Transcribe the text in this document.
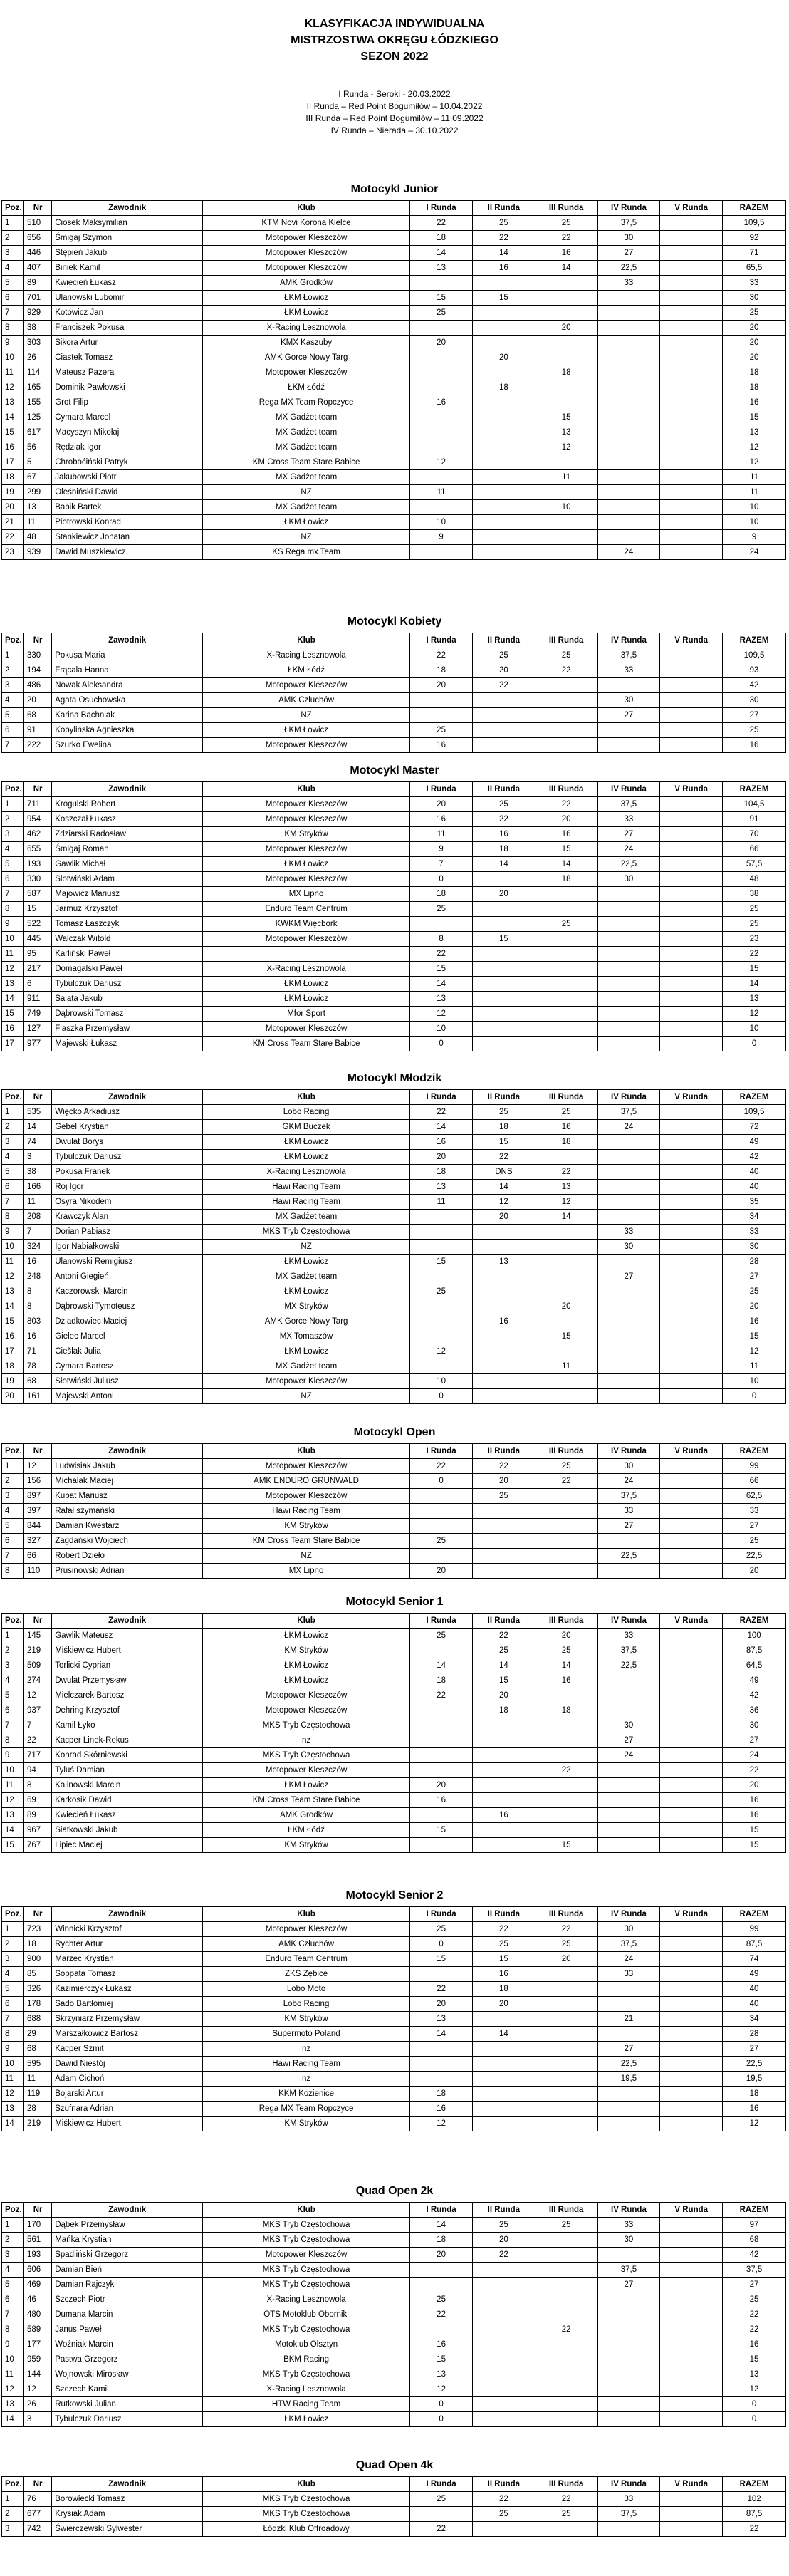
KLASYFIKACJA INDYWIDUALNA
MISTRZOSTWA OKRĘGU ŁÓDZKIEGO
SEZON 2022
I Runda - Seroki - 20.03.2022
II Runda – Red Point Bogumiłów – 10.04.2022
III Runda – Red Point Bogumiłów – 11.09.2022
IV Runda – Nierada – 30.10.2022
Motocykl Junior
Poz.	Nr	Zawodnik	Klub	I Runda	II Runda	III Runda	IV Runda	V Runda	RAZEM
1	510	Ciosek Maksymilian	KTM Novi Korona Kielce	22	25	25	37,5		109,5
2	656	Śmigaj Szymon	Motopower Kleszczów	18	22	22	30		92
3	446	Stępień Jakub	Motopower Kleszczów	14	14	16	27		71
4	407	Biniek Kamil	Motopower Kleszczów	13	16	14	22,5		65,5
5	89	Kwiecień Łukasz	AMK Grodków				33		33
6	701	Ulanowski Lubomir	ŁKM Łowicz	15	15				30
7	929	Kotowicz Jan	ŁKM Łowicz	25					25
8	38	Franciszek Pokusa	X-Racing Lesznowola			20			20
9	303	Sikora Artur	KMX Kaszuby	20					20
10	26	Ciastek Tomasz	AMK Gorce Nowy Targ		20				20
11	114	Mateusz Pazera	Motopower Kleszczów			18			18
12	165	Dominik Pawłowski	ŁKM Łódź		18				18
13	155	Grot Filip	Rega MX Team Ropczyce	16					16
14	125	Cymara Marcel	MX Gadżet team			15			15
15	617	Macyszyn Mikołaj	MX Gadżet team			13			13
16	56	Rędziak Igor	MX Gadżet team			12			12
17	5	Chroboćiński Patryk	KM Cross Team Stare Babice	12					12
18	67	Jakubowski Piotr	MX Gadżet team			11			11
19	299	Oleśniński Dawid	NZ	11					11
20	13	Babik Bartek	MX Gadżet team			10			10
21	11	Piotrowski Konrad	ŁKM Łowicz	10					10
22	48	Stankiewicz Jonatan	NZ	9					9
23	939	Dawid Muszkiewicz	KS Rega mx Team				24		24
Motocykl Kobiety
Poz.	Nr	Zawodnik	Klub	I Runda	II Runda	III Runda	IV Runda	V Runda	RAZEM
1	330	Pokusa Maria	X-Racing Lesznowola	22	25	25	37,5		109,5
2	194	Frącala Hanna	ŁKM Łódź	18	20	22	33		93
3	486	Nowak Aleksandra	Motopower Kleszczów	20	22				42
4	20	Agata Osuchowska	AMK Człuchów				30		30
5	68	Karina Bachniak	NZ				27		27
6	91	Kobylińska Agnieszka	ŁKM Łowicz	25					25
7	222	Szurko Ewelina	Motopower Kleszczów	16					16
Motocykl Master
Poz.	Nr	Zawodnik	Klub	I Runda	II Runda	III Runda	IV Runda	V Runda	RAZEM
1	711	Krogulski Robert	Motopower Kleszczów	20	25	22	37,5		104,5
2	954	Koszczał Łukasz	Motopower Kleszczów	16	22	20	33		91
3	462	Zdziarski Radosław	KM Stryków	11	16	16	27		70
4	655	Śmigaj Roman	Motopower Kleszczów	9	18	15	24		66
5	193	Gawlik Michał	ŁKM Łowicz	7	14	14	22,5		57,5
6	330	Słotwiński Adam	Motopower Kleszczów	0		18	30		48
7	587	Majowicz Mariusz	MX Lipno	18	20				38
8	15	Jarmuz Krzysztof	Enduro Team Centrum	25					25
9	522	Tomasz Łaszczyk	KWKM Więcbork			25			25
10	445	Walczak Witold	Motopower Kleszczów	8	15				23
11	95	Karliński Paweł		22					22
12	217	Domagalski Paweł	X-Racing Lesznowola	15					15
13	6	Tybulczuk Dariusz	ŁKM Łowicz	14					14
14	911	Salata Jakub	ŁKM Łowicz	13					13
15	749	Dąbrowski Tomasz	Mfor Sport	12					12
16	127	Flaszka Przemysław	Motopower Kleszczów	10					10
17	977	Majewski Łukasz	KM Cross Team Stare Babice	0					0
Motocykl Młodzik
Poz.	Nr	Zawodnik	Klub	I Runda	II Runda	III Runda	IV Runda	V Runda	RAZEM
1	535	Więcko Arkadiusz	Lobo Racing	22	25	25	37,5		109,5
2	14	Gebel Krystian	GKM Buczek	14	18	16	24		72
3	74	Dwulat Borys	ŁKM Łowicz	16	15	18			49
4	3	Tybulczuk Dariusz	ŁKM Łowicz	20	22				42
5	38	Pokusa Franek	X-Racing Lesznowola	18	DNS	22			40
6	166	Roj Igor	Hawi Racing Team	13	14	13			40
7	11	Osyra Nikodem	Hawi Racing Team	11	12	12			35
8	208	Krawczyk Alan	MX Gadżet team		20	14			34
9	7	Dorian Pabiasz	MKS Tryb Częstochowa				33		33
10	324	Igor Nabiałkowski	NZ				30		30
11	16	Ulanowski Remigiusz	ŁKM Łowicz	15	13				28
12	248	Antoni Giegień	MX Gadżet team				27		27
13	8	Kaczorowski Marcin	ŁKM Łowicz	25					25
14	8	Dąbrowski Tymoteusz	MX Stryków			20			20
15	803	Dziadkowiec Maciej	AMK Gorce Nowy Targ		16				16
16	16	Gielec Marcel	MX Tomaszów			15			15
17	71	Ciešlak Julia	ŁKM Łowicz	12					12
18	78	Cymara Bartosz	MX Gadżet team			11			11
19	68	Słotwiński Juliusz	Motopower Kleszczów	10					10
20	161	Majewski Antoni	NZ	0					0
Motocykl Open
Poz.	Nr	Zawodnik	Klub	I Runda	II Runda	III Runda	IV Runda	V Runda	RAZEM
1	12	Ludwisiak Jakub	Motopower Kleszczów	22	22	25	30		99
2	156	Michalak Maciej	AMK ENDURO GRUNWALD	0	20	22	24		66
3	897	Kubat Mariusz	Motopower Kleszczów		25		37,5		62,5
4	397	Rafał szymański	Hawi Racing Team				33		33
5	844	Damian Kwestarz	KM Stryków				27		27
6	327	Zagdański Wojciech	KM Cross Team Stare Babice	25					25
7	66	Robert Dzieło	NZ				22,5		22,5
8	110	Prusinowski Adrian	MX Lipno	20					20
Motocykl Senior 1
Poz.	Nr	Zawodnik	Klub	I Runda	II Runda	III Runda	IV Runda	V Runda	RAZEM
1	145	Gawlik Mateusz	ŁKM Łowicz	25	22	20	33		100
2	219	Miśkiewicz Hubert	KM Stryków		25	25	37,5		87,5
3	509	Torlicki Cyprian	ŁKM Łowicz	14	14	14	22,5		64,5
4	274	Dwulat Przemysław	ŁKM Łowicz	18	15	16			49
5	12	Mielczarek Bartosz	Motopower Kleszczów	22	20				42
6	937	Dehring Krzysztof	Motopower Kleszczów		18	18			36
7	7	Kamil Łyko	MKS Tryb Częstochowa				30		30
8	22	Kacper Linek-Rekus	nz				27		27
9	717	Konrad Skórniewski	MKS Tryb Częstochowa				24		24
10	94	Tyluś Damian	Motopower Kleszczów			22			22
11	8	Kalinowski Marcin	ŁKM Łowicz	20					20
12	69	Karkosik Dawid	KM Cross Team Stare Babice	16					16
13	89	Kwiecień Łukasz	AMK Grodków		16				16
14	967	Siatkowski Jakub	ŁKM Łódź	15					15
15	767	Lipiec Maciej	KM Stryków			15			15
Motocykl Senior 2
Poz.	Nr	Zawodnik	Klub	I Runda	II Runda	III Runda	IV Runda	V Runda	RAZEM
1	723	Winnicki Krzysztof	Motopower Kleszczów	25	22	22	30		99
2	18	Rychter Artur	AMK Człuchów	0	25	25	37,5		87,5
3	900	Marzec Krystian	Enduro Team Centrum	15	15	20	24		74
4	85	Soppata Tomasz	ZKS Zębice		16		33		49
5	326	Kazimierczyk Łukasz	Lobo Moto	22	18				40
6	178	Sado Bartłomiej	Lobo Racing	20	20				40
7	688	Skrzyniarz Przemysław	KM Stryków	13			21		34
8	29	Marszałkowicz Bartosz	Supermoto Poland	14	14				28
9	68	Kacper Szmit	nz				27		27
10	595	Dawid Niestój	Hawi Racing Team				22,5		22,5
11	11	Adam Cichoń	nz				19,5		19,5
12	119	Bojarski Artur	KKM Kozienice	18					18
13	28	Szufnara Adrian	Rega MX Team Ropczyce	16					16
14	219	Miśkiewicz Hubert	KM Stryków	12					12
Quad Open 2k
Poz.	Nr	Zawodnik	Klub	I Runda	II Runda	III Runda	IV Runda	V Runda	RAZEM
1	170	Dąbek Przemysław	MKS Tryb Częstochowa	14	25	25	33		97
2	561	Mańka Krystian	MKS Tryb Częstochowa	18	20		30		68
3	193	Spadliński Grzegorz	Motopower Kleszczów	20	22				42
4	606	Damian Bień	MKS Tryb Częstochowa				37,5		37,5
5	469	Damian Rajczyk	MKS Tryb Częstochowa				27		27
6	46	Szczech Piotr	X-Racing Lesznowola	25					25
7	480	Dumana Marcin	OTS Motoklub Oborniki	22					22
8	589	Janus Paweł	MKS Tryb Częstochowa			22			22
9	177	Woźniak Marcin	Motoklub Olsztyn	16					16
10	959	Pastwa Grzegorz	BKM Racing	15					15
11	144	Wojnowski Mirosław	MKS Tryb Częstochowa	13					13
12	12	Szczech Kamil	X-Racing Lesznowola	12					12
13	26	Rutkowski Julian	HTW Racing Team	0					0
14	3	Tybulczuk Dariusz	ŁKM Łowicz	0					0
Quad Open 4k
Poz.	Nr	Zawodnik	Klub	I Runda	II Runda	III Runda	IV Runda	V Runda	RAZEM
1	76	Borowiecki Tomasz	MKS Tryb Częstochowa	25	22	22	33		102
2	677	Krysiak Adam	MKS Tryb Częstochowa		25	25	37,5		87,5
3	742	Świerczewski Sylwester	Łódzki Klub Offroadowy	22					22
